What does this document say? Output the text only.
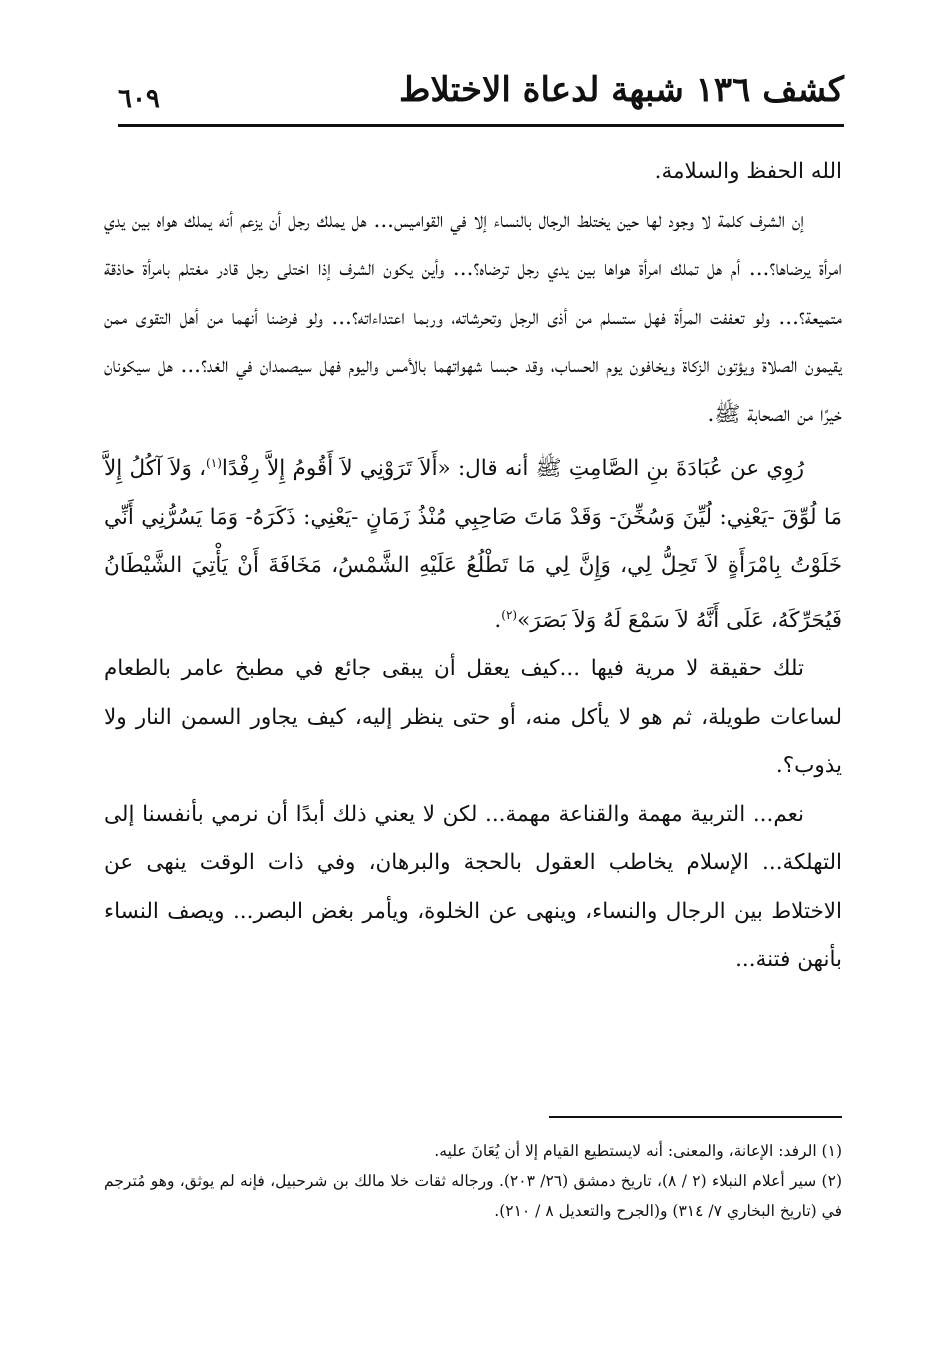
كشف ١٣٦ شبهة لدعاة الاختلاط
٦٠٩

الله الحفظ والسلامة.

إن الشرف كلمة لا وجود لها حين يختلط الرجال بالنساء إلا في القواميس... هل يملك رجل أن يزعم أنه يملك هواه بين يدي امرأة يرضاها؟... أم هل تملك امرأة هواها بين يدي رجل ترضاه؟... وأين يكون الشرف إذا اختلى رجل قادر مغتلم بامرأة حاذقة متميعة؟... ولو تعففت المرأة فهل ستسلم من أذى الرجل وتحرشاته، وربما اعتداءاته؟... ولو فرضنا أنهما من أهل التقوى ممن يقيمون الصلاة ويؤتون الزكاة ويخافون يوم الحساب، وقد حبسا شهواتهما بالأمس واليوم فهل سيصمدان في الغد؟... هل سيكونان خيرًا من الصحابة ﷺ.

رُوِي عن عُبَادَةَ بنِ الصَّامِتِ ﷺ أنه قال: «أَلاَ تَرَوْنِي لاَ أَقُومُ إِلاَّ رِفْدًا$^{(١)}$، وَلاَ آكُلُ إِلاَّ مَا لُوِّقَ -يَعْنِي: لُيِّنَ وَسُخِّنَ- وَقَدْ مَاتَ صَاحِبِي مُنْذُ زَمَانٍ -يَعْنِي: ذَكَرَهُ- وَمَا يَسُرُّنِي أَنِّي خَلَوْتُ بِامْرَأَةٍ لاَ تَحِلُّ لِي، وَإِنَّ لِي مَا تَطْلُعُ عَلَيْهِ الشَّمْسُ، مَخَافَةَ أَنْ يَأْتِيَ الشَّيْطَانُ فَيُحَرِّكَهُ، عَلَى أَنَّهُ لاَ سَمْعَ لَهُ وَلاَ بَصَرَ»$^{(٢)}$.

تلك حقيقة لا مرية فيها ...كيف يعقل أن يبقى جائع في مطبخ عامر بالطعام لساعات طويلة، ثم هو لا يأكل منه، أو حتى ينظر إليه، كيف يجاور السمن النار ولا يذوب؟.

نعم... التربية مهمة والقناعة مهمة... لكن لا يعني ذلك أبدًا أن نرمي بأنفسنا إلى التهلكة... الإسلام يخاطب العقول بالحجة والبرهان، وفي ذات الوقت ينهى عن الاختلاط بين الرجال والنساء، وينهى عن الخلوة، ويأمر بغض البصر... ويصف النساء بأنهن فتنة...

(١) الرفد: الإعانة، والمعنى: أنه لايستطيع القيام إلا أن يُعَانَ عليه.

(٢) سير أعلام النبلاء (٢ / ٨)، تاريخ دمشق (٢٦/ ٢٠٣). ورجاله ثقات خلا مالك بن شرحبيل، فإنه لم يوثق، وهو مُترجم في (تاريخ البخاري ٧/ ٣١٤) و(الجرح والتعديل ٨ / ٢١٠).
